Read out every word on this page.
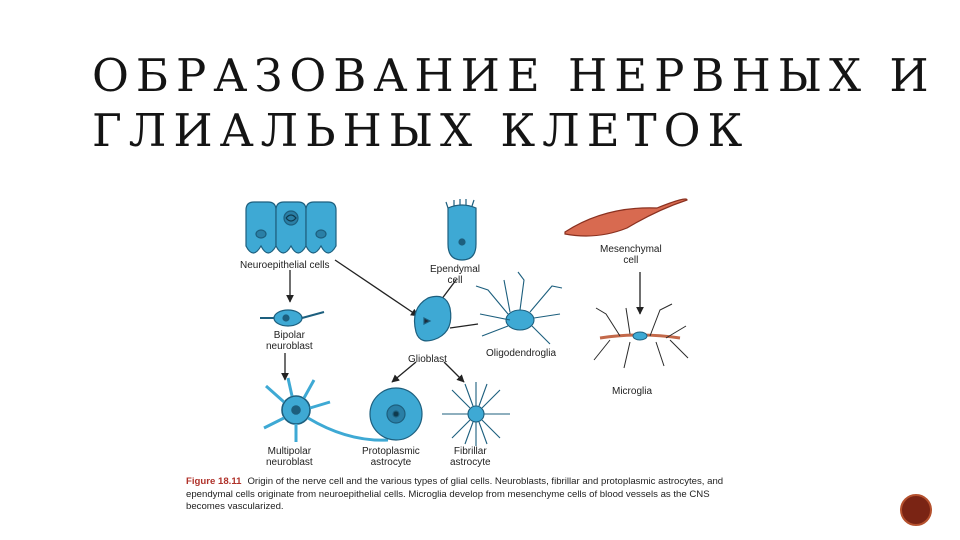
ОБРАЗОВАНИЕ НЕРВНЫХ И
ГЛИАЛЬНЫХ КЛЕТОК
Neuroepithelial cells	Ependymal
cell
Mesenchymal
cell
Bipolar
neuroblast
Glioblast
Oligodendroglia
Microglia
Multipolar
neuroblast
Protoplasmic
astrocyte
Fibrillar
astrocyte
Figure 18.11 Origin of the nerve cell and the various types of glial cells. Neuroblasts, fibrillar and protoplasmic astrocytes, and ependymal cells originate from neuroepithelial cells. Microglia develop from mesenchyme cells of blood vessels as the CNS becomes vascularized.
